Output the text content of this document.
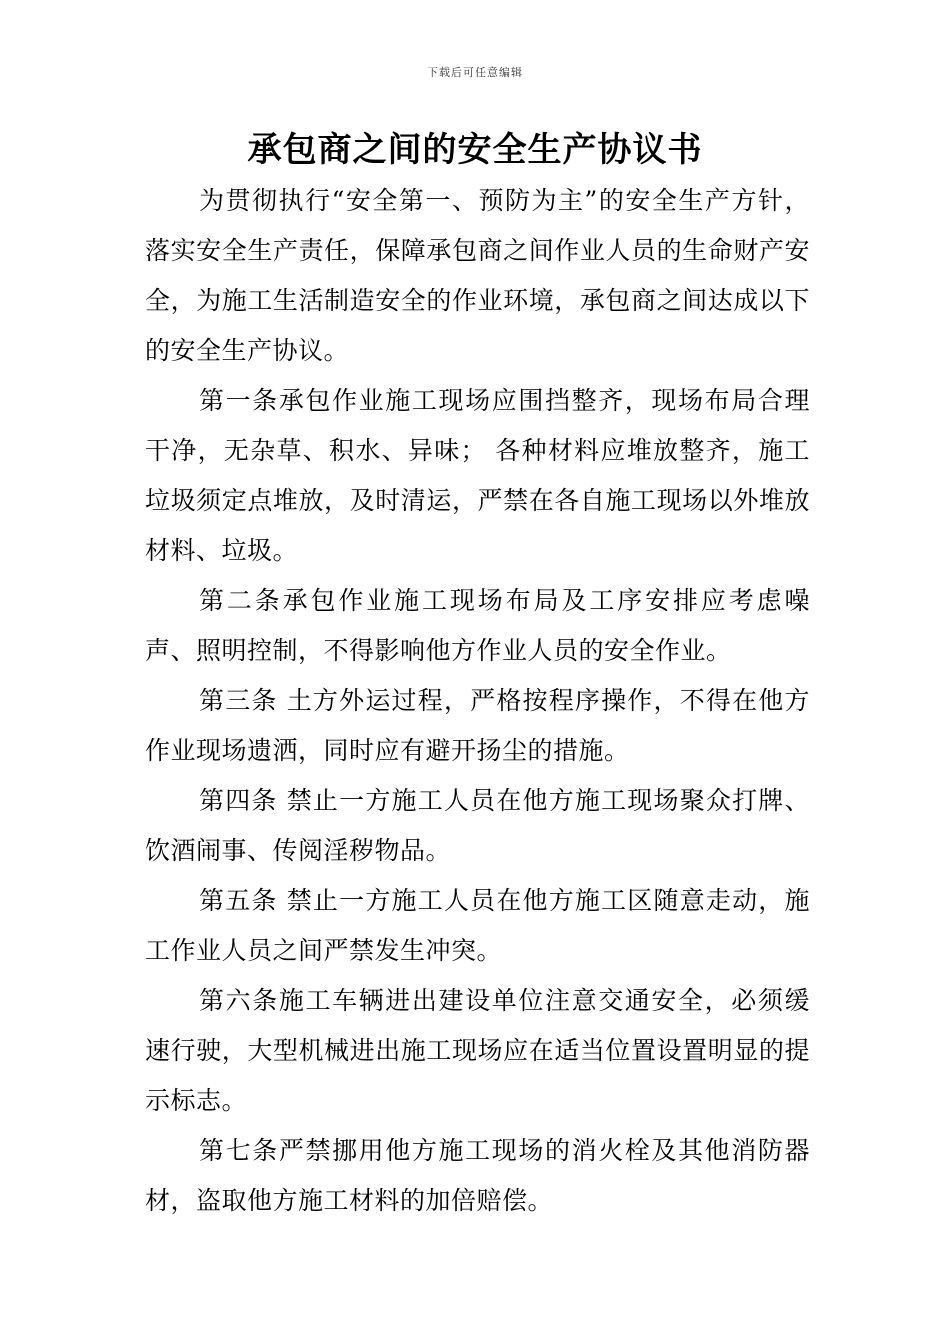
下载后可任意编辑
承包商之间的安全生产协议书

为贯彻执行“安全第一、预防为主”的安全生产方针，落实安全生产责任，保障承包商之间作业人员的生命财产安全，为施工生活制造安全的作业环境，承包商之间达成以下的安全生产协议。

第一条承包作业施工现场应围挡整齐，现场布局合理干净，无杂草、积水、异味； 各种材料应堆放整齐，施工垃圾须定点堆放，及时清运，严禁在各自施工现场以外堆放材料、垃圾。

第二条承包作业施工现场布局及工序安排应考虑噪声、照明控制，不得影响他方作业人员的安全作业。

第三条 土方外运过程，严格按程序操作，不得在他方作业现场遗洒，同时应有避开扬尘的措施。

第四条 禁止一方施工人员在他方施工现场聚众打牌、饮酒闹事、传阅淫秽物品。

第五条 禁止一方施工人员在他方施工区随意走动，施工作业人员之间严禁发生冲突。

第六条施工车辆进出建设单位注意交通安全，必须缓速行驶，大型机械进出施工现场应在适当位置设置明显的提示标志。

第七条严禁挪用他方施工现场的消火栓及其他消防器材，盗取他方施工材料的加倍赔偿。
